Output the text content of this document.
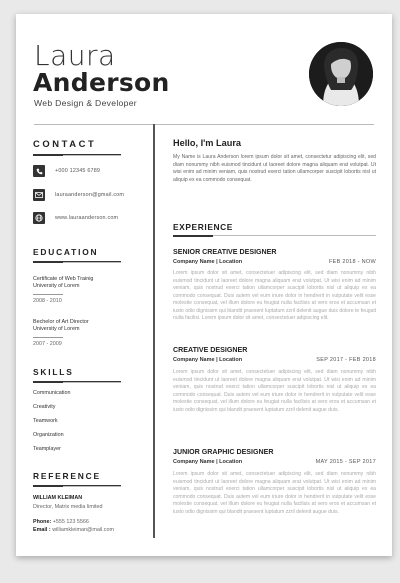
Laura
Anderson
Web Design & Developer
CONTACT
+000 12345 6789
lauraanderson@gmail.com
www.lauraanderson.com
EDUCATION
Certificate of Web Trainig
University of Lorem
2008 - 2010
Bechelor of Art Director
University of Lorem
2007 - 2009
SKILLS
Communication
Creativity
Teamwork
Organization
Teamplayer
REFERENCE
WILLIAM KLEIMAN
Director, Matrix media limited
Phone: +555 123 5566
Email : williamkleiman@mail.com
Hello, I'm Laura
My Name is Laura Anderson lorem ipsum dolor sit amet, consectetur adipiscing elit, sed diam nonummy nibh euismod tincidunt ut laoreet dolore magna aliquam erat volutpat. Ut wisi enim ad minim veniam, quis nostrud exerci tation ullamcorper suscipit lobortis nisl ut aliquip ex ea commodo consequat.
EXPERIENCE
SENIOR CREATIVE DESIGNER
Company Name | Location	FEB 2018 - NOW
Lorem ipsum dolor sit amet, consectetuer adipiscing elit, sed diam nonummy nibh euismod tincidunt ut laoreet dolore magna aliquam erat volutpat. Ut wisi enim ad minim veniam, quis nostrud exerci tation ullamcorper suscipit lobortis nisl ut aliquip ex ea commodo consequat. Duis autem vel eum iriure dolor in hendrerit in vulputate velit esse molestie consequat, vel illum dolore eu feugiat nulla facilisis at vero eros et accumsan et iusto odio dignissim qui blandit praesent luptatum zzril delenit augue duis dolore te feugait nulla facilisi. Lorem ipsum dolor sit amet, consectetuer adipiscing elit.
CREATIVE DESIGNER
Company Name | Location	SEP 2017 - FEB 2018
Lorem ipsum dolor sit amet, consectetuer adipiscing elit, sed diam nonummy nibh euismod tincidunt ut laoreet dolore magna aliquam erat volutpat. Ut wisi enim ad minim veniam, quis nostrud exerci tation ullamcorper suscipit lobortis nisl ut aliquip ex ea commodo consequat. Duis autem vel eum iriure dolor in hendrerit in vulputate velit esse molestie consequat, vel illum dolore eu feugiat nulla facilisis at vero eros et accumsan et iusto odio dignissim qui blandit praesent luptatum zzril delenit augue duis.
JUNIOR GRAPHIC DESIGNER
Company Name | Location	MAY 2015 - SEP 2017
Lorem ipsum dolor sit amet, consectetuer adipiscing elit, sed diam nonummy nibh euismod tincidunt ut laoreet dolore magna aliquam erat volutpat. Ut wisi enim ad minim veniam, quis nostrud exerci tation ullamcorper suscipit lobortis nisl ut aliquip ex ea commodo consequat. Duis autem vel eum iriure dolor in hendrerit in vulputate velit esse molestie consequat, vel illum dolore eu feugiat nulla facilisis at vero eros et accumsan et iusto odio dignissim qui blandit praesent luptatum zzril delenit augue duis.
